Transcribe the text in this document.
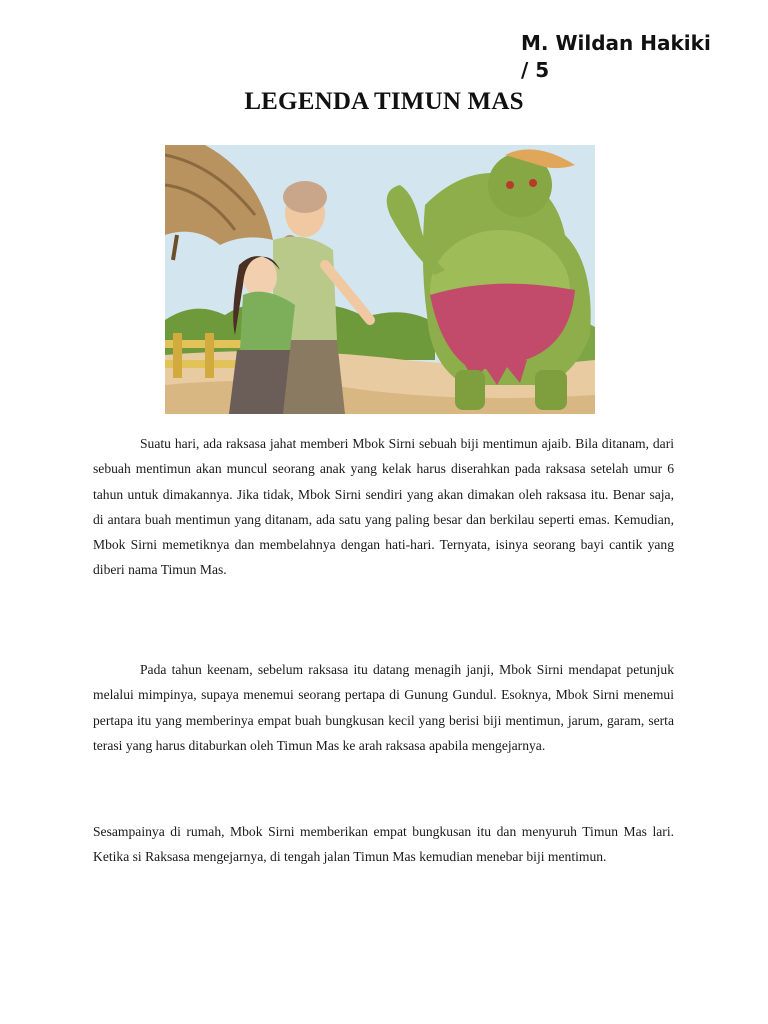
M. Wildan Hakiki
/ 5
LEGENDA TIMUN MAS

Suatu hari, ada raksasa jahat memberi Mbok Sirni sebuah biji mentimun ajaib. Bila ditanam, dari sebuah mentimun akan muncul seorang anak yang kelak harus diserahkan pada raksasa setelah umur 6 tahun untuk dimakannya. Jika tidak, Mbok Sirni sendiri yang akan dimakan oleh raksasa itu. Benar saja, di antara buah mentimun yang ditanam, ada satu yang paling besar dan berkilau seperti emas. Kemudian, Mbok Sirni memetiknya dan membelahnya dengan hati-hari. Ternyata, isinya seorang bayi cantik yang diberi nama Timun Mas.

Pada tahun keenam, sebelum raksasa itu datang menagih janji, Mbok Sirni mendapat petunjuk melalui mimpinya, supaya menemui seorang pertapa di Gunung Gundul. Esoknya, Mbok Sirni menemui pertapa itu yang memberinya empat buah bungkusan kecil yang berisi biji mentimun, jarum, garam, serta terasi yang harus ditaburkan oleh Timun Mas ke arah raksasa apabila mengejarnya.

Sesampainya di rumah, Mbok Sirni memberikan empat bungkusan itu dan menyuruh Timun Mas lari. Ketika si Raksasa mengejarnya, di tengah jalan Timun Mas kemudian menebar biji mentimun.
